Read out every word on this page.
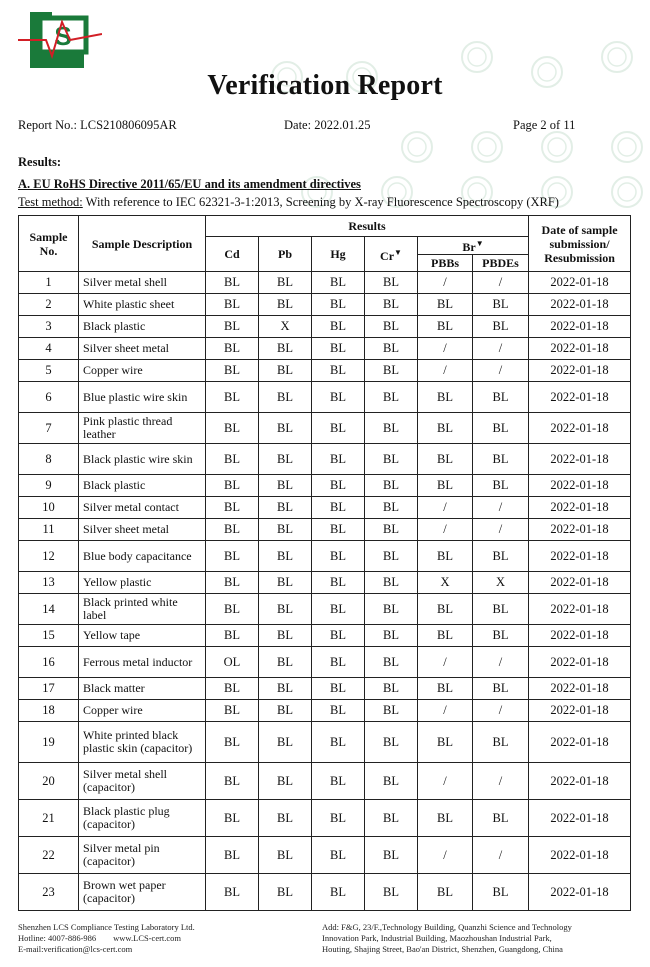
S
Verification Report
Report No.: LCS210806095AR	Date: 2022.01.25	Page 2 of 11
Results:
A. EU RoHS Directive 2011/65/EU and its amendment directives
Test method: With reference to IEC 62321-3-1:2013, Screening by X-ray Fluorescence Spectroscopy (XRF)
Sample No.	Sample Description	Results						Date of sample submission/ Resubmission
		Cd	Pb	Hg	Cr▼	Br▼
						PBBs	PBDEs	
1	Silver metal shell	BL	BL	BL	BL	/	/	2022-01-18
2	White plastic sheet	BL	BL	BL	BL	BL	BL	2022-01-18
3	Black plastic	BL	X	BL	BL	BL	BL	2022-01-18
4	Silver sheet metal	BL	BL	BL	BL	/	/	2022-01-18
5	Copper wire	BL	BL	BL	BL	/	/	2022-01-18
6	Blue plastic wire skin	BL	BL	BL	BL	BL	BL	2022-01-18
7	Pink plastic thread leather	BL	BL	BL	BL	BL	BL	2022-01-18
8	Black plastic wire skin	BL	BL	BL	BL	BL	BL	2022-01-18
9	Black plastic	BL	BL	BL	BL	BL	BL	2022-01-18
10	Silver metal contact	BL	BL	BL	BL	/	/	2022-01-18
11	Silver sheet metal	BL	BL	BL	BL	/	/	2022-01-18
12	Blue body capacitance	BL	BL	BL	BL	BL	BL	2022-01-18
13	Yellow plastic	BL	BL	BL	BL	X	X	2022-01-18
14	Black printed white label	BL	BL	BL	BL	BL	BL	2022-01-18
15	Yellow tape	BL	BL	BL	BL	BL	BL	2022-01-18
16	Ferrous metal inductor	OL	BL	BL	BL	/	/	2022-01-18
17	Black matter	BL	BL	BL	BL	BL	BL	2022-01-18
18	Copper wire	BL	BL	BL	BL	/	/	2022-01-18
19	White printed black plastic skin (capacitor)	BL	BL	BL	BL	BL	BL	2022-01-18
20	Silver metal shell (capacitor)	BL	BL	BL	BL	/	/	2022-01-18
21	Black plastic plug (capacitor)	BL	BL	BL	BL	BL	BL	2022-01-18
22	Silver metal pin (capacitor)	BL	BL	BL	BL	/	/	2022-01-18
23	Brown wet paper (capacitor)	BL	BL	BL	BL	BL	BL	2022-01-18
Shenzhen LCS Compliance Testing Laboratory Ltd.
Hotline: 4007-886-986        www.LCS-cert.com
E-mail:verification@lcs-cert.com
Add: F&G, 23/F.,Technology Building, Quanzhi Science and Technology
Innovation Park, Industrial Building, Maozhoushan Industrial Park,
Houting, Shajing Street, Bao'an District, Shenzhen, Guangdong, China
